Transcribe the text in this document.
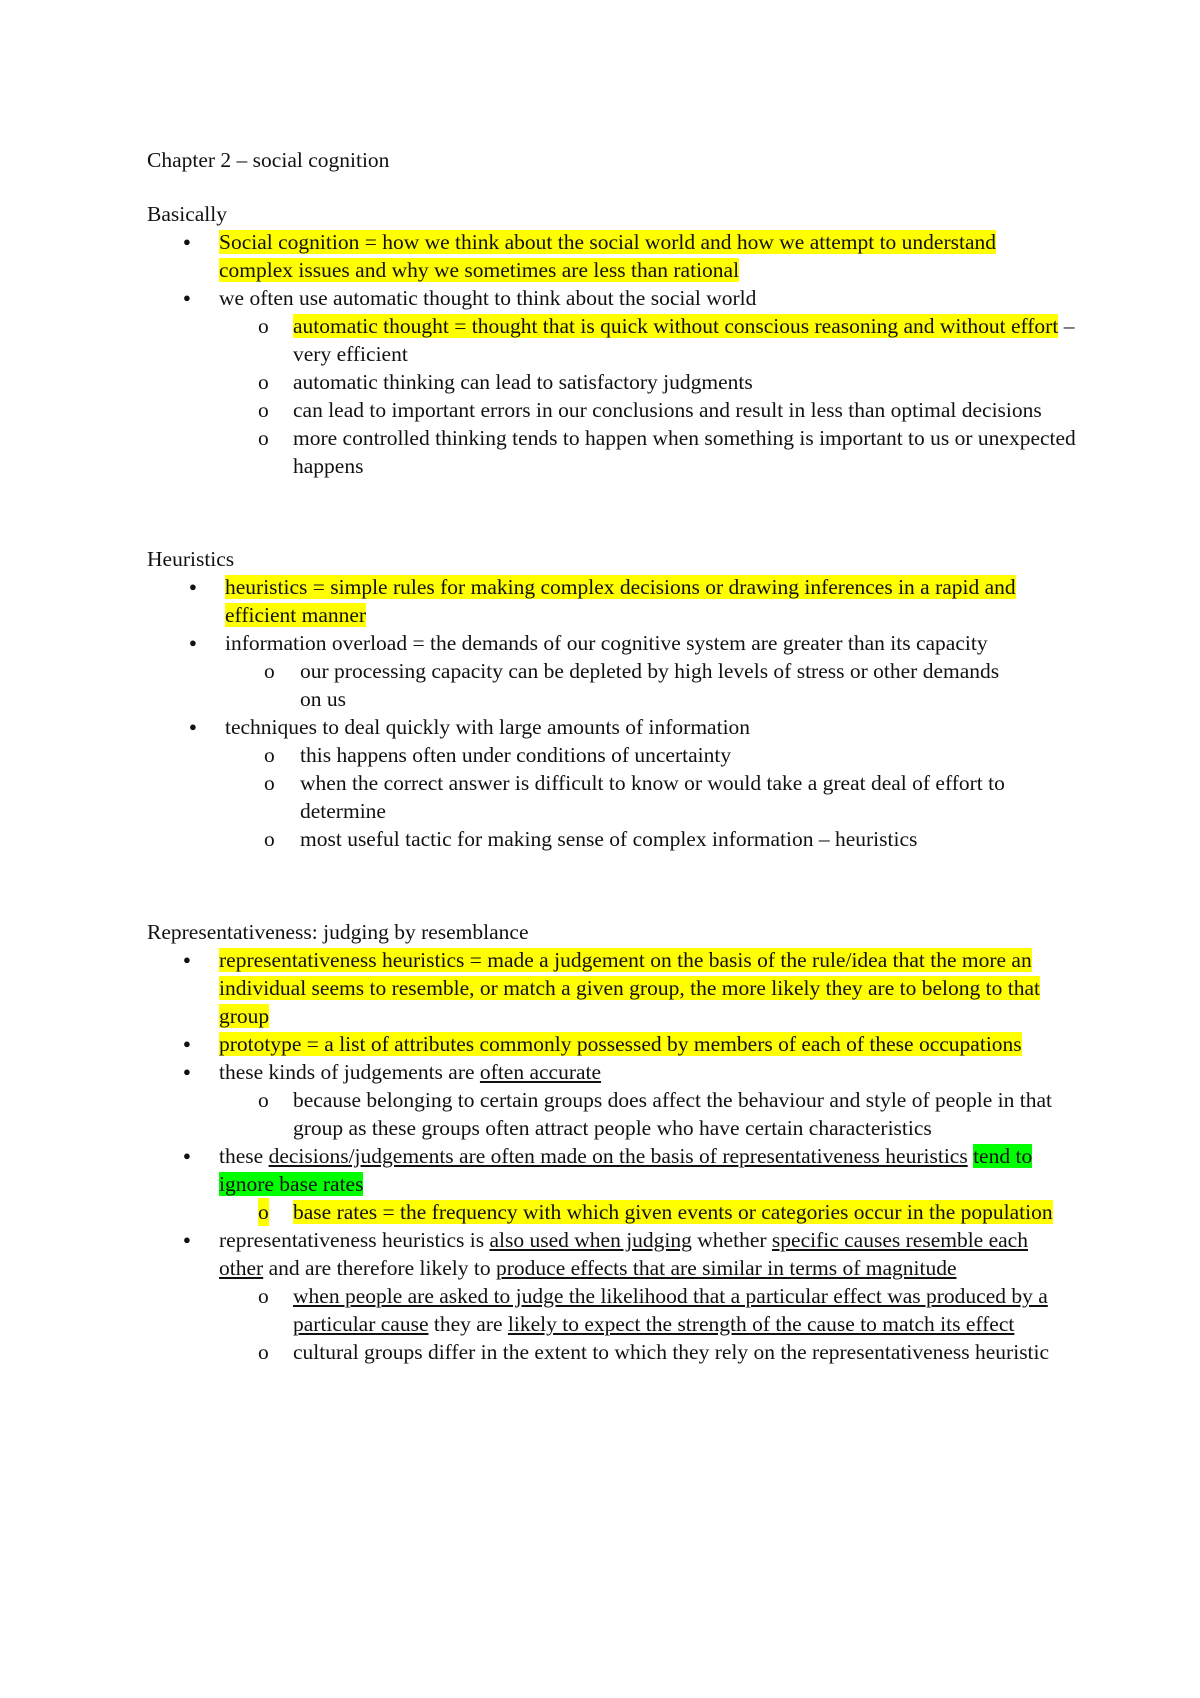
Chapter 2 – social cognition

Basically

● Social cognition = how we think about the social world and how we attempt to understand complex issues and why we sometimes are less than rational
● we often use automatic thought to think about the social world
o automatic thought = thought that is quick without conscious reasoning and without effort – very efficient
o automatic thinking can lead to satisfactory judgments
o can lead to important errors in our conclusions and result in less than optimal decisions
o more controlled thinking tends to happen when something is important to us or unexpected happens

Heuristics

● heuristics = simple rules for making complex decisions or drawing inferences in a rapid and efficient manner
● information overload = the demands of our cognitive system are greater than its capacity
o our processing capacity can be depleted by high levels of stress or other demands on us
● techniques to deal quickly with large amounts of information
o this happens often under conditions of uncertainty
o when the correct answer is difficult to know or would take a great deal of effort to determine
o most useful tactic for making sense of complex information – heuristics

Representativeness: judging by resemblance

● representativeness heuristics = made a judgement on the basis of the rule/idea that the more an individual seems to resemble, or match a given group, the more likely they are to belong to that group
● prototype = a list of attributes commonly possessed by members of each of these occupations
● these kinds of judgements are often accurate
o because belonging to certain groups does affect the behaviour and style of people in that group as these groups often attract people who have certain characteristics
● these decisions/judgements are often made on the basis of representativeness heuristics tend to ignore base rates
o base rates = the frequency with which given events or categories occur in the population
● representativeness heuristics is also used when judging whether specific causes resemble each other and are therefore likely to produce effects that are similar in terms of magnitude
o when people are asked to judge the likelihood that a particular effect was produced by a particular cause they are likely to expect the strength of the cause to match its effect
o cultural groups differ in the extent to which they rely on the representativeness heuristic
